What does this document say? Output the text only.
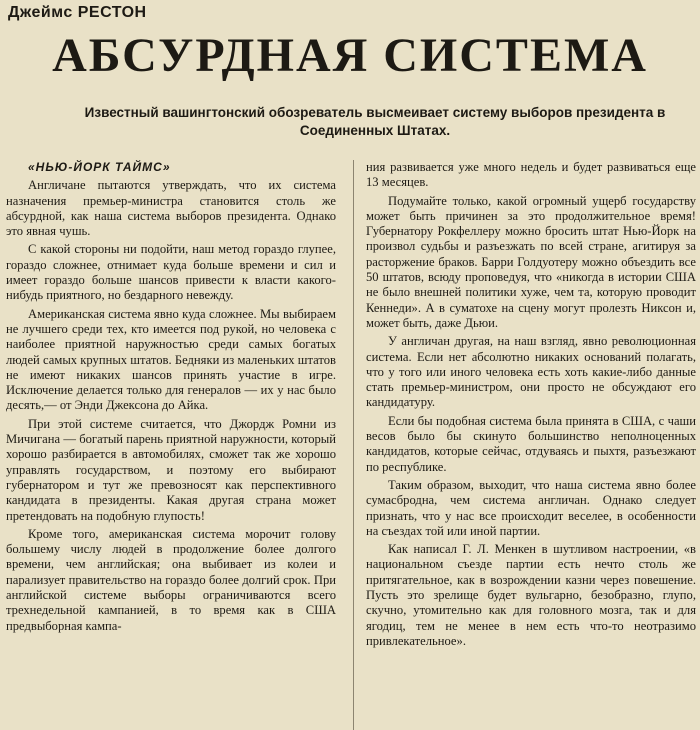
Джеймс РЕСТОН
АБСУРДНАЯ СИСТЕМА
Известный вашингтонский обозреватель высмеивает систему выборов президента в Соединенных Штатах.

«НЬЮ-ЙОРК ТАЙМС»

Англичане пытаются утверждать, что их система назначения премьер-министра становится столь же абсурдной, как наша система выборов президента. Однако это явная чушь.

С какой стороны ни подойти, наш метод гораздо глупее, гораздо сложнее, отнимает куда больше времени и сил и имеет гораздо больше шансов привести к власти какого-нибудь приятного, но бездарного невежду.

Американская система явно куда сложнее. Мы выбираем не лучшего среди тех, кто имеется под рукой, но человека с наиболее приятной наружностью среди самых богатых людей самых крупных штатов. Бедняки из маленьких штатов не имеют никаких шансов принять участие в игре. Исключение делается только для генералов — их у нас было десять,— от Энди Джексона до Айка.

При этой системе считается, что Джордж Ромни из Мичигана — богатый парень приятной наружности, который хорошо разбирается в автомобилях, сможет так же хорошо управлять государством, и поэтому его выбирают губернатором и тут же превозносят как перспективного кандидата в президенты. Какая другая страна может претендовать на подобную глупость!

Кроме того, американская система морочит голову большему числу людей в продолжение более долгого времени, чем английская; она выбивает из колеи и парализует правительство на гораздо более долгий срок. При английской системе выборы ограничиваются всего трехнедельной кампанией, в то время как в США предвыборная кампа-

ния развивается уже много недель и будет развиваться еще 13 месяцев.

Подумайте только, какой огромный ущерб государству может быть причинен за это продолжительное время! Губернатору Рокфеллеру можно бросить штат Нью-Йорк на произвол судьбы и разъезжать по всей стране, агитируя за расторжение браков. Барри Голдуотеру можно объездить все 50 штатов, всюду проповедуя, что «никогда в истории США не было внешней политики хуже, чем та, которую проводит Кеннеди». А в суматохе на сцену могут пролезть Никсон и, может быть, даже Дьюи.

У англичан другая, на наш взгляд, явно революционная система. Если нет абсолютно никаких оснований полагать, что у того или иного человека есть хоть какие-либо данные стать премьер-министром, они просто не обсуждают его кандидатуру.

Если бы подобная система была принята в США, с чаши весов было бы скинуто большинство неполноценных кандидатов, которые сейчас, отдуваясь и пыхтя, разъезжают по республике.

Таким образом, выходит, что наша система явно более сумасбродна, чем система англичан. Однако следует признать, что у нас все происходит веселее, в особенности на съездах той или иной партии.

Как написал Г. Л. Менкен в шутливом настроении, «в национальном съезде партии есть нечто столь же притягательное, как в возрождении казни через повешение. Пусть это зрелище будет вульгарно, безобразно, глупо, скучно, утомительно как для головного мозга, так и для ягодиц, тем не менее в нем есть что-то неотразимо привлекательное».
